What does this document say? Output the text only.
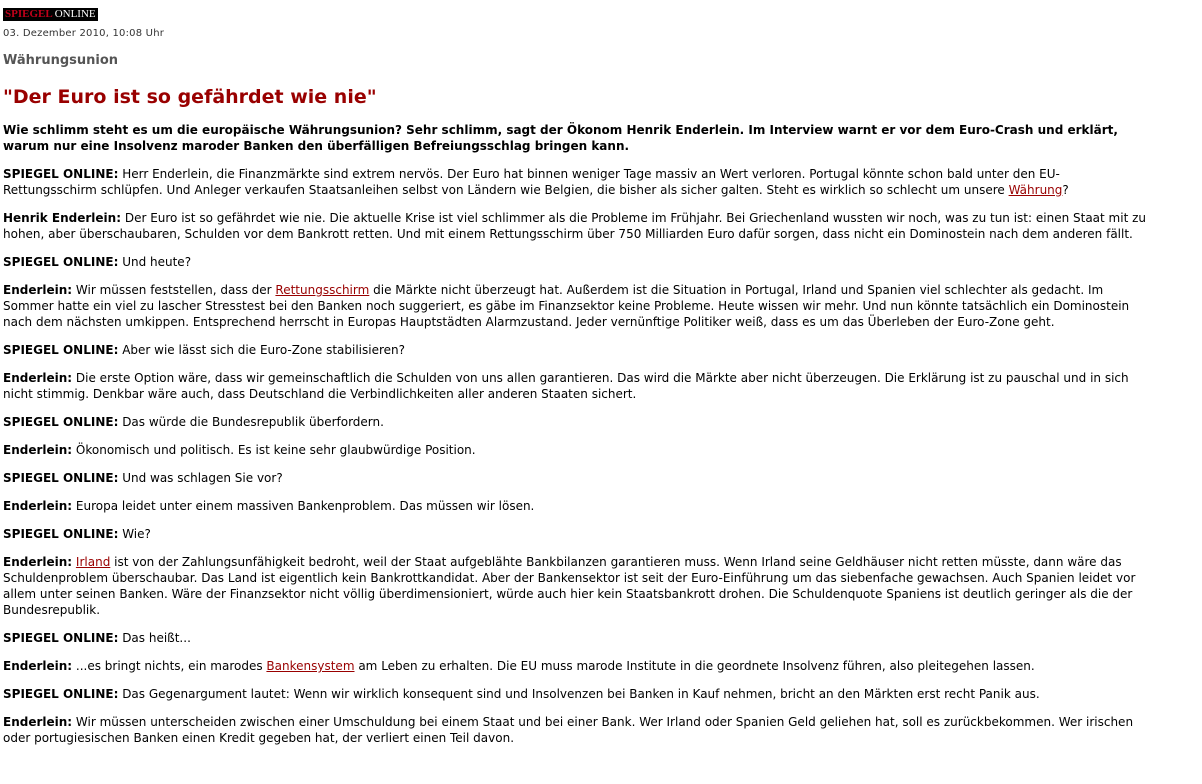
SPIEGEL ONLINE
03. Dezember 2010, 10:08 Uhr
Währungsunion
"Der Euro ist so gefährdet wie nie"

Wie schlimm steht es um die europäische Währungsunion? Sehr schlimm, sagt der Ökonom Henrik Enderlein. Im Interview warnt er vor dem Euro-Crash und erklärt, warum nur eine Insolvenz maroder Banken den überfälligen Befreiungsschlag bringen kann.

SPIEGEL ONLINE: Herr Enderlein, die Finanzmärkte sind extrem nervös. Der Euro hat binnen weniger Tage massiv an Wert verloren. Portugal könnte schon bald unter den EU-Rettungsschirm schlüpfen. Und Anleger verkaufen Staatsanleihen selbst von Ländern wie Belgien, die bisher als sicher galten. Steht es wirklich so schlecht um unsere Währung?

Henrik Enderlein: Der Euro ist so gefährdet wie nie. Die aktuelle Krise ist viel schlimmer als die Probleme im Frühjahr. Bei Griechenland wussten wir noch, was zu tun ist: einen Staat mit zu hohen, aber überschaubaren, Schulden vor dem Bankrott retten. Und mit einem Rettungsschirm über 750 Milliarden Euro dafür sorgen, dass nicht ein Dominostein nach dem anderen fällt.

SPIEGEL ONLINE: Und heute?

Enderlein: Wir müssen feststellen, dass der Rettungsschirm die Märkte nicht überzeugt hat. Außerdem ist die Situation in Portugal, Irland und Spanien viel schlechter als gedacht. Im Sommer hatte ein viel zu lascher Stresstest bei den Banken noch suggeriert, es gäbe im Finanzsektor keine Probleme. Heute wissen wir mehr. Und nun könnte tatsächlich ein Dominostein nach dem nächsten umkippen. Entsprechend herrscht in Europas Hauptstädten Alarmzustand. Jeder vernünftige Politiker weiß, dass es um das Überleben der Euro-Zone geht.

SPIEGEL ONLINE: Aber wie lässt sich die Euro-Zone stabilisieren?

Enderlein: Die erste Option wäre, dass wir gemeinschaftlich die Schulden von uns allen garantieren. Das wird die Märkte aber nicht überzeugen. Die Erklärung ist zu pauschal und in sich nicht stimmig. Denkbar wäre auch, dass Deutschland die Verbindlichkeiten aller anderen Staaten sichert.

SPIEGEL ONLINE: Das würde die Bundesrepublik überfordern.

Enderlein: Ökonomisch und politisch. Es ist keine sehr glaubwürdige Position.

SPIEGEL ONLINE: Und was schlagen Sie vor?

Enderlein: Europa leidet unter einem massiven Bankenproblem. Das müssen wir lösen.

SPIEGEL ONLINE: Wie?

Enderlein: Irland ist von der Zahlungsunfähigkeit bedroht, weil der Staat aufgeblähte Bankbilanzen garantieren muss. Wenn Irland seine Geldhäuser nicht retten müsste, dann wäre das Schuldenproblem überschaubar. Das Land ist eigentlich kein Bankrottkandidat. Aber der Bankensektor ist seit der Euro-Einführung um das siebenfache gewachsen. Auch Spanien leidet vor allem unter seinen Banken. Wäre der Finanzsektor nicht völlig überdimensioniert, würde auch hier kein Staatsbankrott drohen. Die Schuldenquote Spaniens ist deutlich geringer als die der Bundesrepublik.

SPIEGEL ONLINE: Das heißt...

Enderlein: ...es bringt nichts, ein marodes Bankensystem am Leben zu erhalten. Die EU muss marode Institute in die geordnete Insolvenz führen, also pleitegehen lassen.

SPIEGEL ONLINE: Das Gegenargument lautet: Wenn wir wirklich konsequent sind und Insolvenzen bei Banken in Kauf nehmen, bricht an den Märkten erst recht Panik aus.

Enderlein: Wir müssen unterscheiden zwischen einer Umschuldung bei einem Staat und bei einer Bank. Wer Irland oder Spanien Geld geliehen hat, soll es zurückbekommen. Wer irischen oder portugiesischen Banken einen Kredit gegeben hat, der verliert einen Teil davon.
